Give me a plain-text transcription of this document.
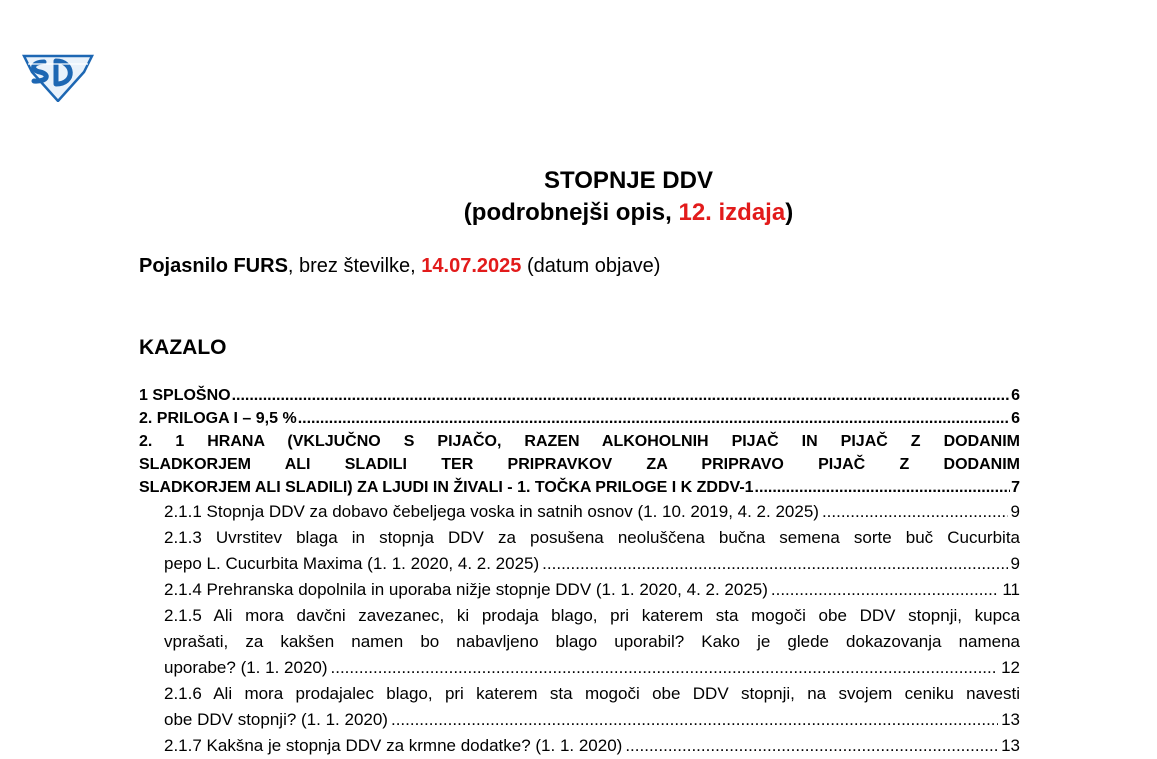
STOPNJE DDV
(podrobnejši opis, 12. izdaja)
Pojasnilo FURS, brez številke, 14.07.2025 (datum objave)
KAZALO
1 SPLOŠNO .....	6
2. PRILOGA I – 9,5 % .....	6
2. 1 HRANA (VKLJUČNO S PIJAČO, RAZEN ALKOHOLNIH PIJAČ IN PIJAČ Z DODANIM
SLADKORJEM ALI SLADILI TER PRIPRAVKOV ZA PRIPRAVO PIJAČ Z DODANIM
SLADKORJEM ALI SLADILI) ZA LJUDI IN ŽIVALI - 1. TOČKA PRILOGE I K ZDDV-1 .....	7
2.1.1 Stopnja DDV za dobavo čebeljega voska in satnih osnov (1. 10. 2019, 4. 2. 2025) .....	9
2.1.3 Uvrstitev blaga in stopnja DDV za posušena neoluščena bučna semena sorte buč Cucurbita
pepo L. Cucurbita Maxima (1. 1. 2020, 4. 2. 2025) .....	9
2.1.4 Prehranska dopolnila in uporaba nižje stopnje DDV (1. 1. 2020, 4. 2. 2025) .....	11
2.1.5 Ali mora davčni zavezanec, ki prodaja blago, pri katerem sta mogoči obe DDV stopnji, kupca
vprašati, za kakšen namen bo nabavljeno blago uporabil? Kako je glede dokazovanja namena
uporabe? (1. 1. 2020) .....	12
2.1.6 Ali mora prodajalec blago, pri katerem sta mogoči obe DDV stopnji, na svojem ceniku navesti
obe DDV stopnji? (1. 1. 2020) .....	13
2.1.7 Kakšna je stopnja DDV za krmne dodatke? (1. 1. 2020) .....	13
